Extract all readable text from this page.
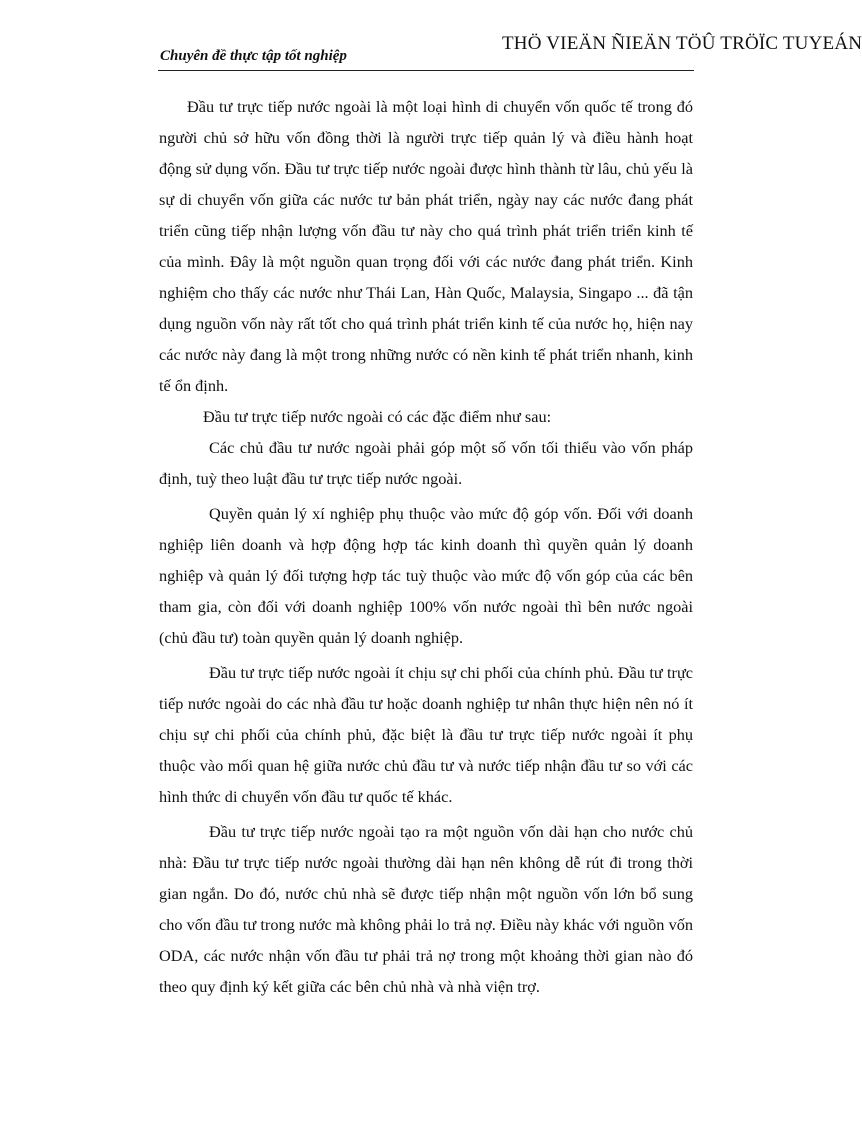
Chuyên đề thực tập tốt nghiệp
THÖ VIEÄN ÑIEÄN TÖÛ TRÖÏC TUYEÁN

Đầu tư trực tiếp nước ngoài là một loại hình di chuyển vốn quốc tế trong đó người chủ sở hữu vốn đồng thời là người trực tiếp quản lý và điều hành hoạt động sử dụng vốn. Đầu tư trực tiếp nước ngoài được hình thành từ lâu, chủ yếu là sự di chuyển vốn giữa các nước tư bản phát triển, ngày nay các nước đang phát triển cũng tiếp nhận lượng vốn đầu tư này cho quá trình phát triển triển kinh tế của mình. Đây là một nguồn quan trọng đối với các nước đang phát triển. Kinh nghiệm cho thấy các nước như Thái Lan, Hàn Quốc, Malaysia, Singapo ... đã tận dụng nguồn vốn này rất tốt cho quá trình phát triển kinh tế của nước họ, hiện nay các nước này đang là một trong những nước có nền kinh tế phát triển nhanh, kinh tế ổn định.

Đầu tư trực tiếp nước ngoài có các đặc điểm như sau:

Các chủ đầu tư nước ngoài phải góp một số vốn tối thiểu vào vốn pháp định, tuỳ theo luật đầu tư trực tiếp nước ngoài.

Quyền quản lý xí nghiệp phụ thuộc vào mức độ góp vốn. Đối với doanh nghiệp liên doanh và hợp động hợp tác kinh doanh thì quyền quản lý doanh nghiệp và quản lý đối tượng hợp tác tuỳ thuộc vào mức độ vốn góp của các bên tham gia, còn đối với doanh nghiệp 100% vốn nước ngoài thì bên nước ngoài (chủ đầu tư) toàn quyền quản lý doanh nghiệp.

Đầu tư trực tiếp nước ngoài ít chịu sự chi phối của chính phủ. Đầu tư trực tiếp nước ngoài do các nhà đầu tư hoặc doanh nghiệp tư nhân thực hiện nên nó ít chịu sự chi phối của chính phủ, đặc biệt là đầu tư trực tiếp nước ngoài ít phụ thuộc vào mối quan hệ giữa nước chủ đầu tư và nước tiếp nhận đầu tư so với các hình thức di chuyển vốn đầu tư quốc tế khác.

Đầu tư trực tiếp nước ngoài tạo ra một nguồn vốn dài hạn cho nước chủ nhà: Đầu tư trực tiếp nước ngoài thường dài hạn nên không dễ rút đi trong thời gian ngắn. Do đó, nước chủ nhà sẽ được tiếp nhận một nguồn vốn lớn bổ sung cho vốn đầu tư trong nước mà không phải lo trả nợ. Điều này khác với nguồn vốn ODA, các nước nhận vốn đầu tư phải trả nợ trong một khoảng thời gian nào đó theo quy định ký kết giữa các bên chủ nhà và nhà viện trợ.
